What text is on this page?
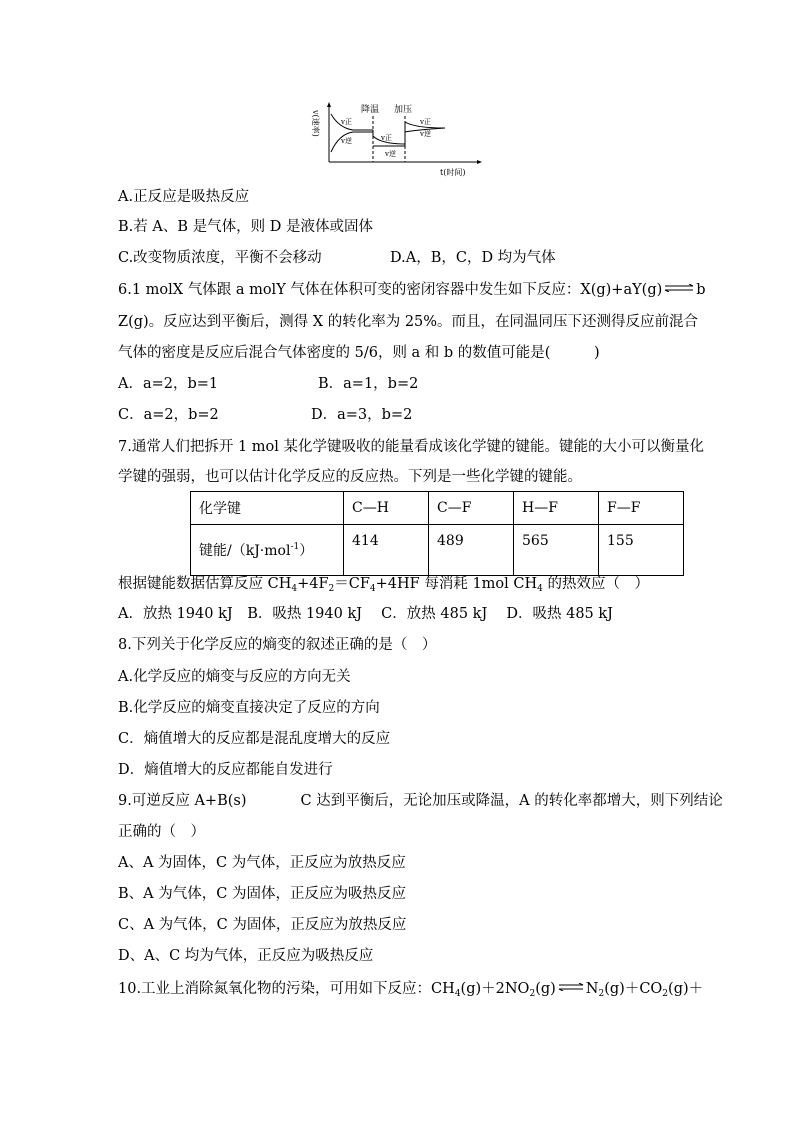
v(速率)
t(时间)
降温 加压
v正
v逆	v正
v逆
v正
v逆
A.正反应是吸热反应
B.若 A、B 是气体，则 D 是液体或固体
C.改变物质浓度，平衡不会移动	D.A，B，C，D 均为气体
6.1 molX 气体跟 a molY 气体在体积可变的密闭容器中发生如下反应：X(g)+aY(g) ⇌ b
Z(g)。反应达到平衡后，测得 X 的转化率为 25%。而且，在同温同压下还测得反应前混合
气体的密度是反应后混合气体密度的 5/6，则 a 和 b 的数值可能是(　　　)
A．a=2，b=1	B．a=1，b=2
C．a=2，b=2	D．a=3，b=2
7.通常人们把拆开 1 mol 某化学键吸收的能量看成该化学键的键能。键能的大小可以衡量化
学键的强弱，也可以估计化学反应的反应热。下列是一些化学键的键能。
化学键	C—H	C—F	H—F	F—F
键能/（kJ·mol$^{-1}$）	414	489	565	155
根据键能数据估算反应 $CH_4+4F_2=CF_4+4HF$ 每消耗 1mol $CH_4$ 的热效应（　）
A．放热 1940 kJ　B．吸热 1940 kJ　 C．放热 485 kJ　 D．吸热 485 kJ
8.下列关于化学反应的熵变的叙述正确的是（　）
A.化学反应的熵变与反应的方向无关
B.化学反应的熵变直接决定了反应的方向
C．熵值增大的反应都是混乱度增大的反应
D．熵值增大的反应都能自发进行
9.可逆反应 A+B(s)	C 达到平衡后，无论加压或降温，A 的转化率都增大，则下列结论
正确的（　）
A、A 为固体，C 为气体，正反应为放热反应
B、A 为气体，C 为固体，正反应为吸热反应
C、A 为气体，C 为固体，正反应为放热反应
D、A、C 均为气体，正反应为吸热反应
10.工业上消除氮氧化物的污染，可用如下反应：$CH_4(g)+2NO_2(g)$ ⇌ $N_2(g)+CO_2(g)+$
